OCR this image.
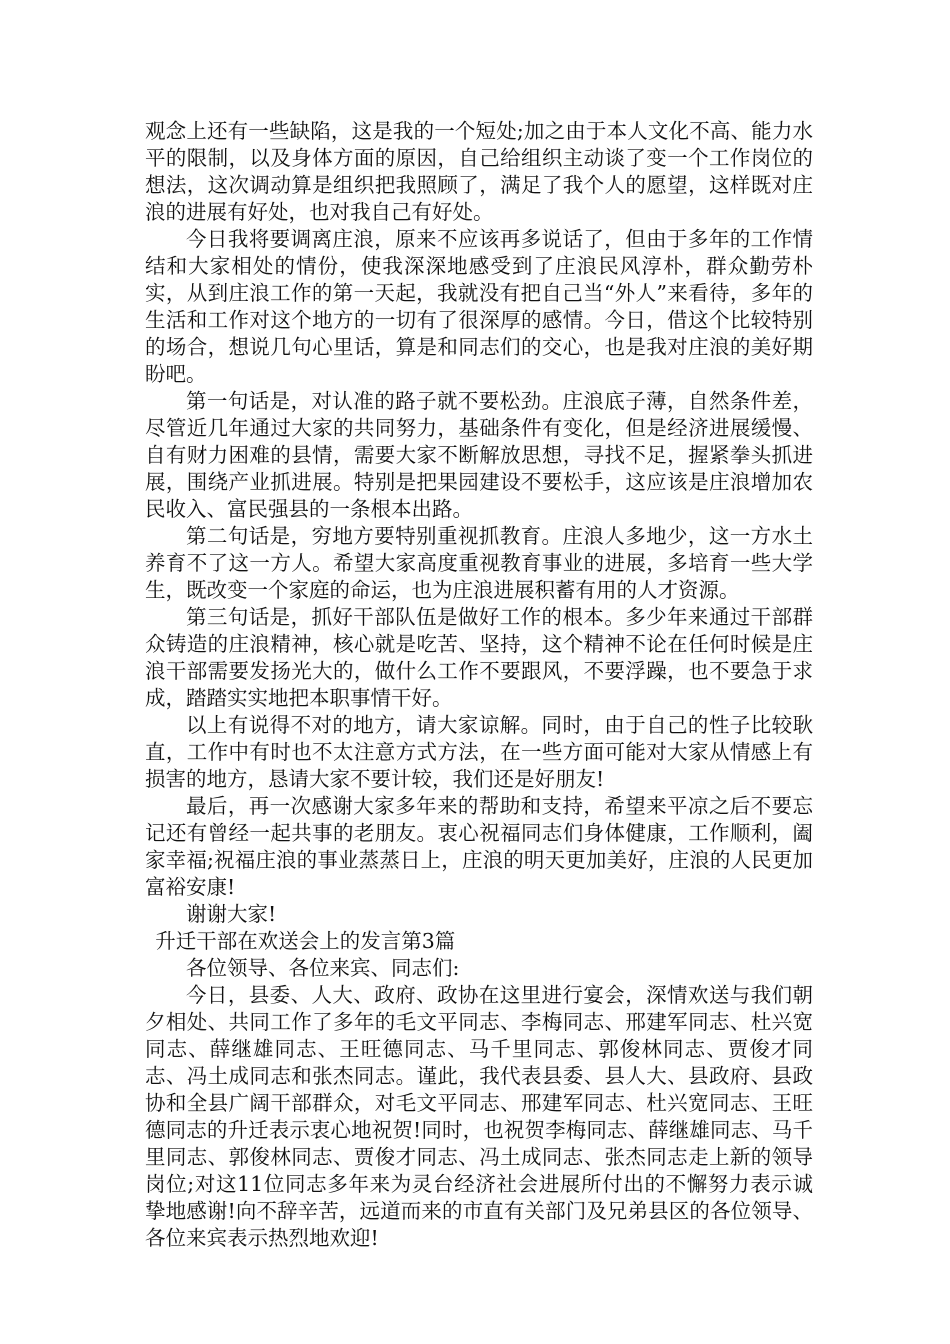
观念上还有一些缺陷，这是我的一个短处;加之由于本人文化不高、能力水平的限制，以及身体方面的原因，自己给组织主动谈了变一个工作岗位的想法，这次调动算是组织把我照顾了，满足了我个人的愿望，这样既对庄浪的进展有好处，也对我自己有好处。

今日我将要调离庄浪，原来不应该再多说话了，但由于多年的工作情结和大家相处的情份，使我深深地感受到了庄浪民风淳朴，群众勤劳朴实，从到庄浪工作的第一天起，我就没有把自己当“外人”来看待，多年的生活和工作对这个地方的一切有了很深厚的感情。今日，借这个比较特别的场合，想说几句心里话，算是和同志们的交心，也是我对庄浪的美好期盼吧。

第一句话是，对认准的路子就不要松劲。庄浪底子薄，自然条件差，尽管近几年通过大家的共同努力，基础条件有变化，但是经济进展缓慢、自有财力困难的县情，需要大家不断解放思想，寻找不足，握紧拳头抓进展，围绕产业抓进展。特别是把果园建设不要松手，这应该是庄浪增加农民收入、富民强县的一条根本出路。

第二句话是，穷地方要特别重视抓教育。庄浪人多地少，这一方水土养育不了这一方人。希望大家高度重视教育事业的进展，多培育一些大学生，既改变一个家庭的命运，也为庄浪进展积蓄有用的人才资源。

第三句话是，抓好干部队伍是做好工作的根本。多少年来通过干部群众铸造的庄浪精神，核心就是吃苦、坚持，这个精神不论在任何时候是庄浪干部需要发扬光大的，做什么工作不要跟风，不要浮躁，也不要急于求成，踏踏实实地把本职事情干好。

以上有说得不对的地方，请大家谅解。同时，由于自己的性子比较耿直，工作中有时也不太注意方式方法，在一些方面可能对大家从情感上有损害的地方，恳请大家不要计较，我们还是好朋友!

最后，再一次感谢大家多年来的帮助和支持，希望来平凉之后不要忘记还有曾经一起共事的老朋友。衷心祝福同志们身体健康，工作顺利，阖家幸福;祝福庄浪的事业蒸蒸日上，庄浪的明天更加美好，庄浪的人民更加富裕安康!

谢谢大家!

升迁干部在欢送会上的发言第3篇

各位领导、各位来宾、同志们:

今日，县委、人大、政府、政协在这里进行宴会，深情欢送与我们朝夕相处、共同工作了多年的毛文平同志、李梅同志、邢建军同志、杜兴宽同志、薛继雄同志、王旺德同志、马千里同志、郭俊林同志、贾俊才同志、冯土成同志和张杰同志。谨此，我代表县委、县人大、县政府、县政协和全县广阔干部群众，对毛文平同志、邢建军同志、杜兴宽同志、王旺德同志的升迁表示衷心地祝贺!同时，也祝贺李梅同志、薛继雄同志、马千里同志、郭俊林同志、贾俊才同志、冯土成同志、张杰同志走上新的领导岗位;对这11位同志多年来为灵台经济社会进展所付出的不懈努力表示诚挚地感谢!向不辞辛苦，远道而来的市直有关部门及兄弟县区的各位领导、各位来宾表示热烈地欢迎!
